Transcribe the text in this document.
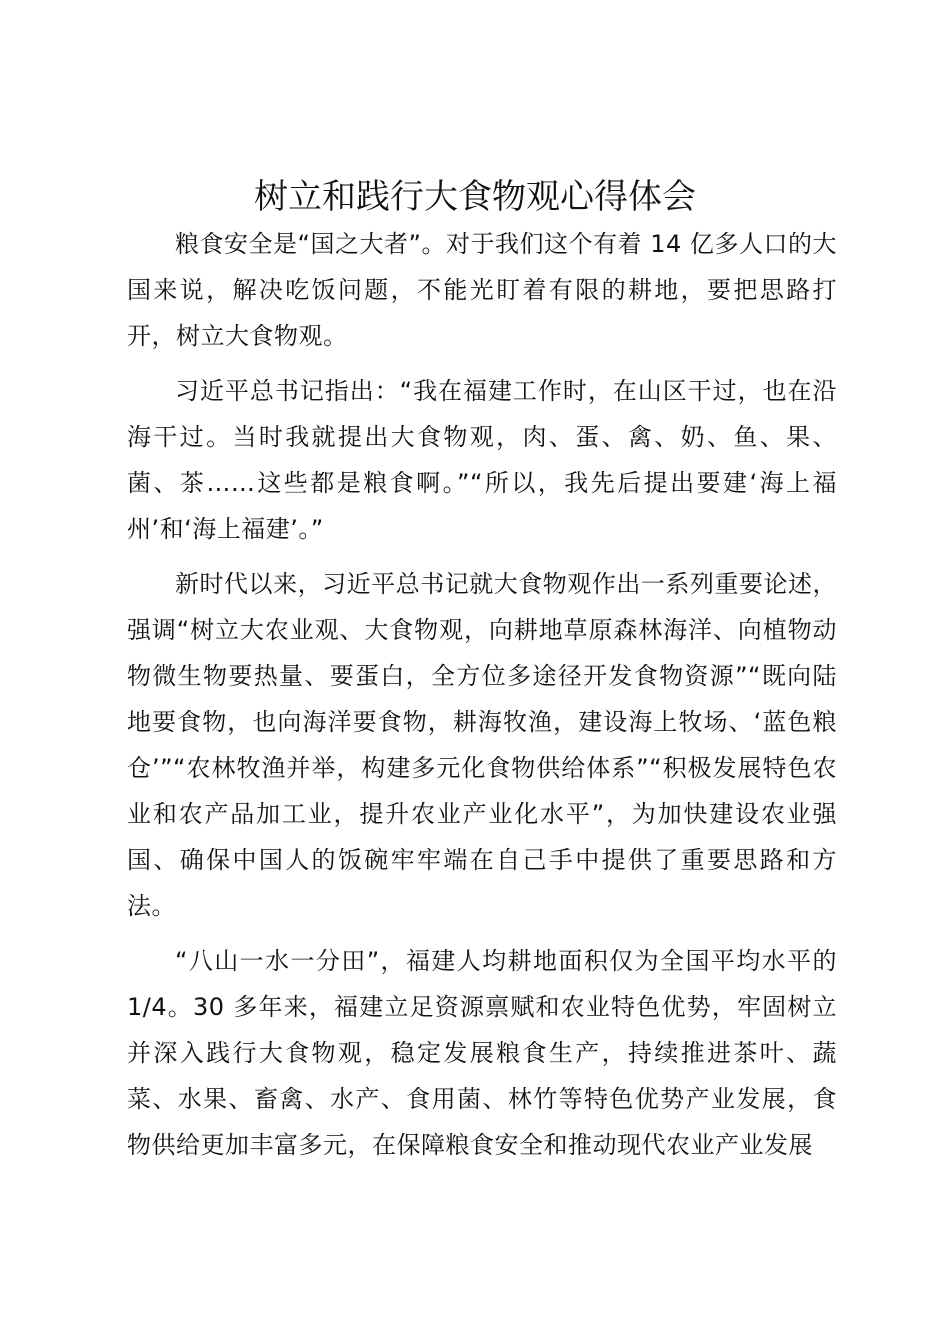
树立和践行大食物观心得体会

粮食安全是“国之大者”。对于我们这个有着 14 亿多人口的大国来说，解决吃饭问题，不能光盯着有限的耕地，要把思路打开，树立大食物观。

习近平总书记指出：“我在福建工作时，在山区干过，也在沿海干过。当时我就提出大食物观，肉、蛋、禽、奶、鱼、果、菌、茶……这些都是粮食啊。”“所以，我先后提出要建‘海上福州’和‘海上福建’。”

新时代以来，习近平总书记就大食物观作出一系列重要论述，强调“树立大农业观、大食物观，向耕地草原森林海洋、向植物动物微生物要热量、要蛋白，全方位多途径开发食物资源”“既向陆地要食物，也向海洋要食物，耕海牧渔，建设海上牧场、‘蓝色粮仓’”“农林牧渔并举，构建多元化食物供给体系”“积极发展特色农业和农产品加工业，提升农业产业化水平”，为加快建设农业强国、确保中国人的饭碗牢牢端在自己手中提供了重要思路和方法。

“八山一水一分田”，福建人均耕地面积仅为全国平均水平的 1/4。30 多年来，福建立足资源禀赋和农业特色优势，牢固树立并深入践行大食物观，稳定发展粮食生产，持续推进茶叶、蔬菜、水果、畜禽、水产、食用菌、林竹等特色优势产业发展，食物供给更加丰富多元，在保障粮食安全和推动现代农业产业发展
